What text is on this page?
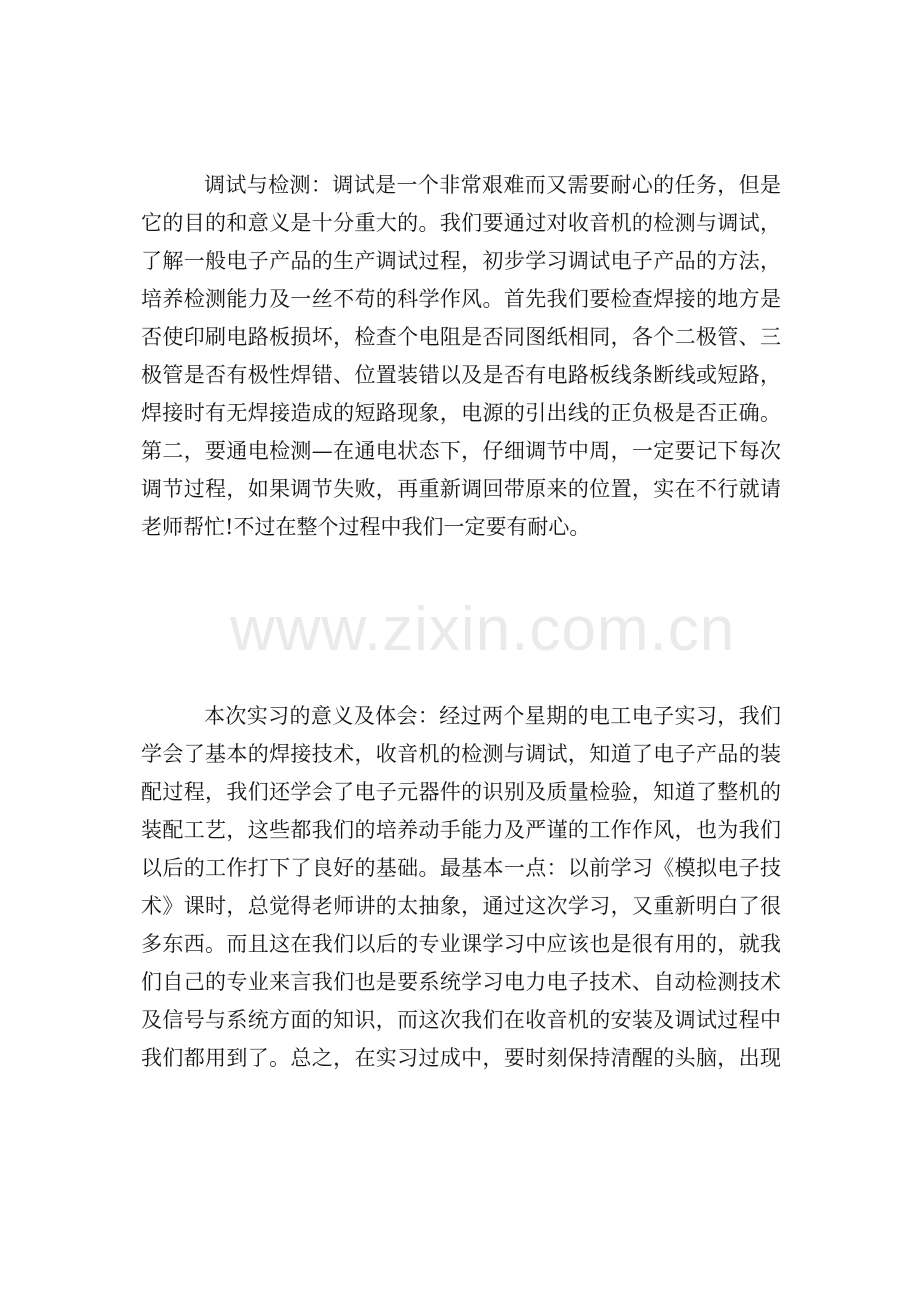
调试与检测：调试是一个非常艰难而又需要耐心的任务，但是
它的目的和意义是十分重大的。我们要通过对收音机的检测与调试，
了解一般电子产品的生产调试过程，初步学习调试电子产品的方法，
培养检测能力及一丝不苟的科学作风。首先我们要检查焊接的地方是
否使印刷电路板损坏，检查个电阻是否同图纸相同，各个二极管、三
极管是否有极性焊错、位置装错以及是否有电路板线条断线或短路，
焊接时有无焊接造成的短路现象，电源的引出线的正负极是否正确。
第二，要通电检测—在通电状态下，仔细调节中周，一定要记下每次
调节过程，如果调节失败，再重新调回带原来的位置，实在不行就请
老师帮忙!不过在整个过程中我们一定要有耐心。
www.zixin.com.cn
本次实习的意义及体会：经过两个星期的电工电子实习，我们
学会了基本的焊接技术，收音机的检测与调试，知道了电子产品的装
配过程，我们还学会了电子元器件的识别及质量检验，知道了整机的
装配工艺，这些都我们的培养动手能力及严谨的工作作风，也为我们
以后的工作打下了良好的基础。最基本一点：以前学习《模拟电子技
术》课时，总觉得老师讲的太抽象，通过这次学习，又重新明白了很
多东西。而且这在我们以后的专业课学习中应该也是很有用的，就我
们自己的专业来言我们也是要系统学习电力电子技术、自动检测技术
及信号与系统方面的知识，而这次我们在收音机的安装及调试过程中
我们都用到了。总之，在实习过成中，要时刻保持清醒的头脑，出现
